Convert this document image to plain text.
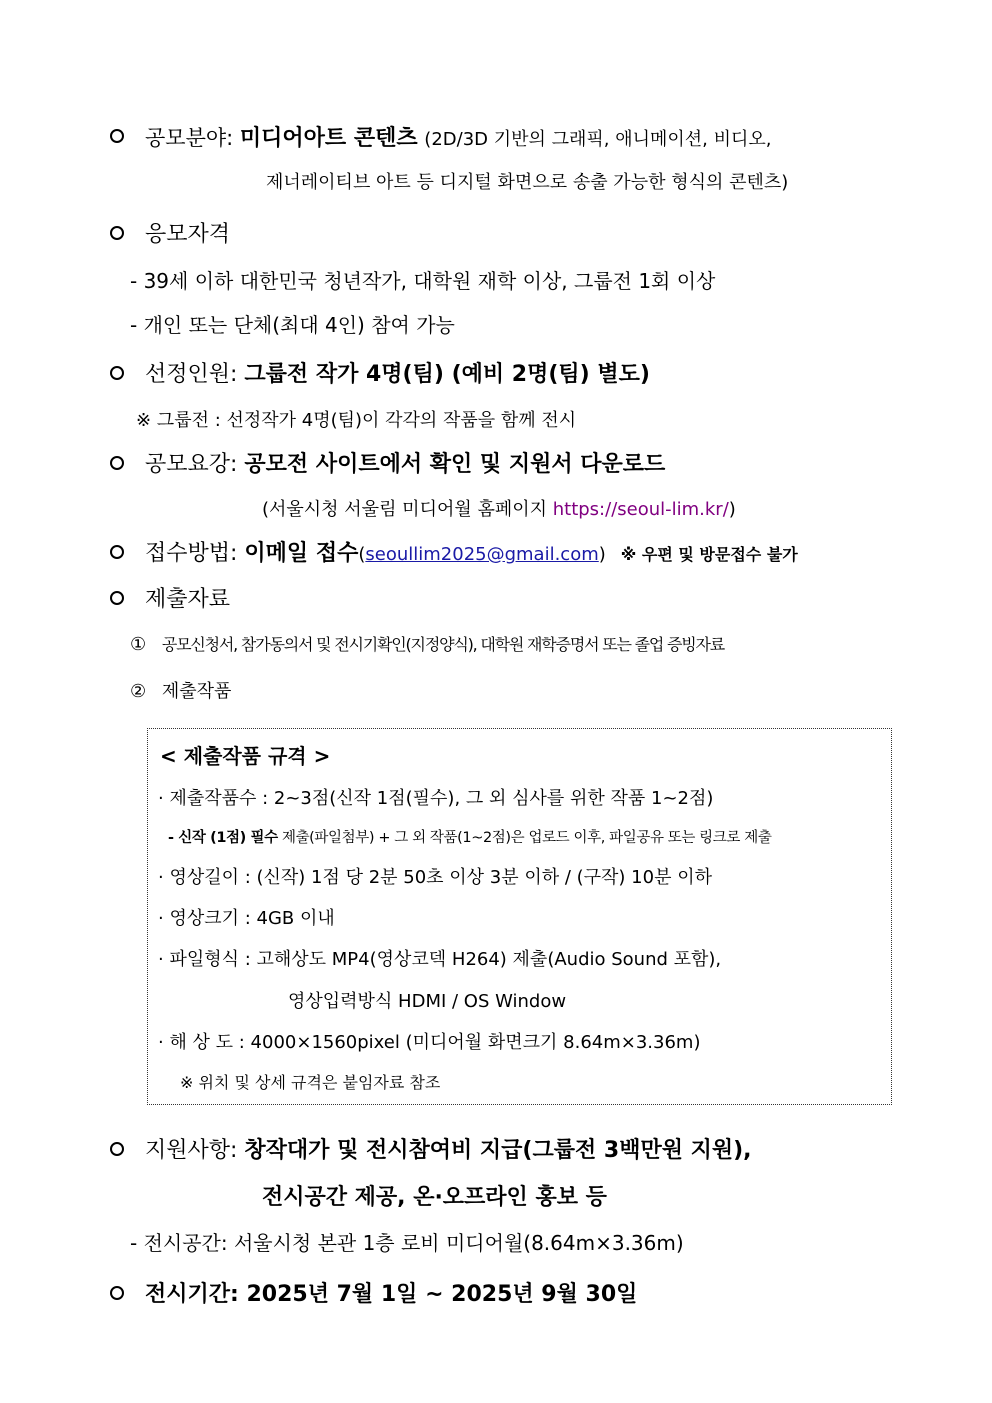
공모분야: 미디어아트 콘텐츠 (2D/3D 기반의 그래픽, 애니메이션, 비디오,
제너레이티브 아트 등 디지털 화면으로 송출 가능한 형식의 콘텐츠)
응모자격
- 39세 이하 대한민국 청년작가, 대학원 재학 이상, 그룹전 1회 이상
- 개인 또는 단체(최대 4인) 참여 가능
선정인원: 그룹전 작가 4명(팀) (예비 2명(팀) 별도)
※ 그룹전 : 선정작가 4명(팀)이 각각의 작품을 함께 전시
공모요강: 공모전 사이트에서 확인 및 지원서 다운로드
(서울시청 서울림 미디어월 홈페이지 https://seoul-lim.kr/)
접수방법: 이메일 접수(seoullim2025@gmail.com) ※ 우편 및 방문접수 불가
제출자료
① 공모신청서, 참가동의서 및 전시기확인(지정양식), 대학원 재학증명서 또는 졸업 증빙자료
② 제출작품
< 제출작품 규격 >
· 제출작품수 : 2~3점(신작 1점(필수), 그 외 심사를 위한 작품 1~2점)
- 신작 (1점) 필수 제출(파일첨부) + 그 외 작품(1~2점)은 업로드 이후, 파일공유 또는 링크로 제출
· 영상길이 : (신작) 1점 당 2분 50초 이상 3분 이하 / (구작) 10분 이하
· 영상크기 : 4GB 이내
· 파일형식 : 고해상도 MP4(영상코덱 H264) 제출(Audio Sound 포함),
영상입력방식 HDMI / OS Window
· 해 상 도 : 4000×1560pixel (미디어월 화면크기 8.64m×3.36m)
※ 위치 및 상세 규격은 붙임자료 참조
지원사항: 창작대가 및 전시참여비 지급(그룹전 3백만원 지원),
전시공간 제공, 온·오프라인 홍보 등
- 전시공간: 서울시청 본관 1층 로비 미디어월(8.64m×3.36m)
전시기간: 2025년 7월 1일 ~ 2025년 9월 30일
